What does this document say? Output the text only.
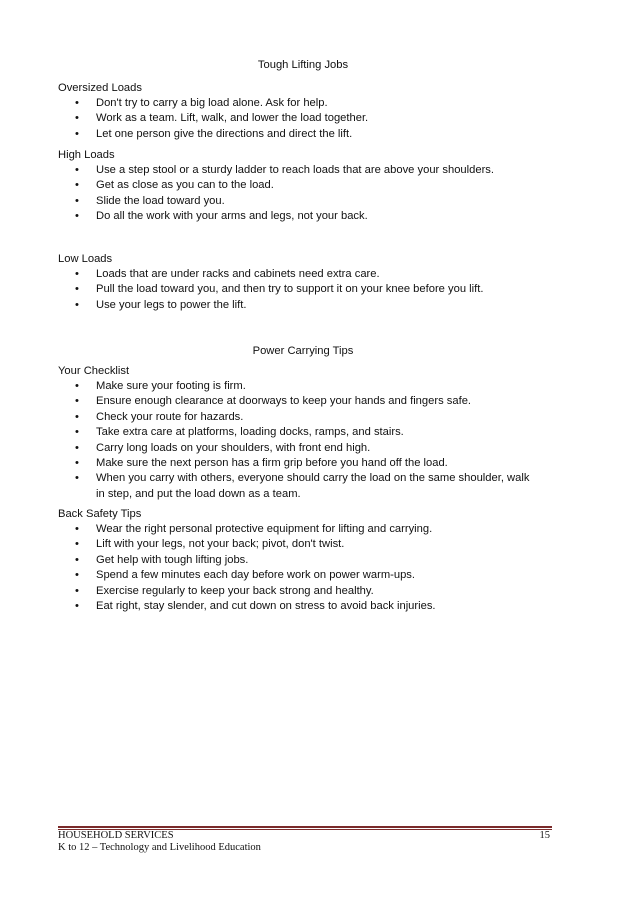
Tough Lifting Jobs
Oversized Loads
• Don't try to carry a big load alone. Ask for help.
• Work as a team. Lift, walk, and lower the load together.
• Let one person give the directions and direct the lift.
High Loads
• Use a step stool or a sturdy ladder to reach loads that are above your shoulders.
• Get as close as you can to the load.
• Slide the load toward you.
• Do all the work with your arms and legs, not your back.
Low Loads
• Loads that are under racks and cabinets need extra care.
• Pull the load toward you, and then try to support it on your knee before you lift.
• Use your legs to power the lift.
Power Carrying Tips
Your Checklist
• Make sure your footing is firm.
• Ensure enough clearance at doorways to keep your hands and fingers safe.
• Check your route for hazards.
• Take extra care at platforms, loading docks, ramps, and stairs.
• Carry long loads on your shoulders, with front end high.
• Make sure the next person has a firm grip before you hand off the load.
• When you carry with others, everyone should carry the load on the same shoulder, walk in step, and put the load down as a team.
Back Safety Tips
• Wear the right personal protective equipment for lifting and carrying.
• Lift with your legs, not your back; pivot, don't twist.
• Get help with tough lifting jobs.
• Spend a few minutes each day before work on power warm-ups.
• Exercise regularly to keep your back strong and healthy.
• Eat right, stay slender, and cut down on stress to avoid back injuries.
HOUSEHOLD SERVICES	15
K to 12 – Technology and Livelihood Education
